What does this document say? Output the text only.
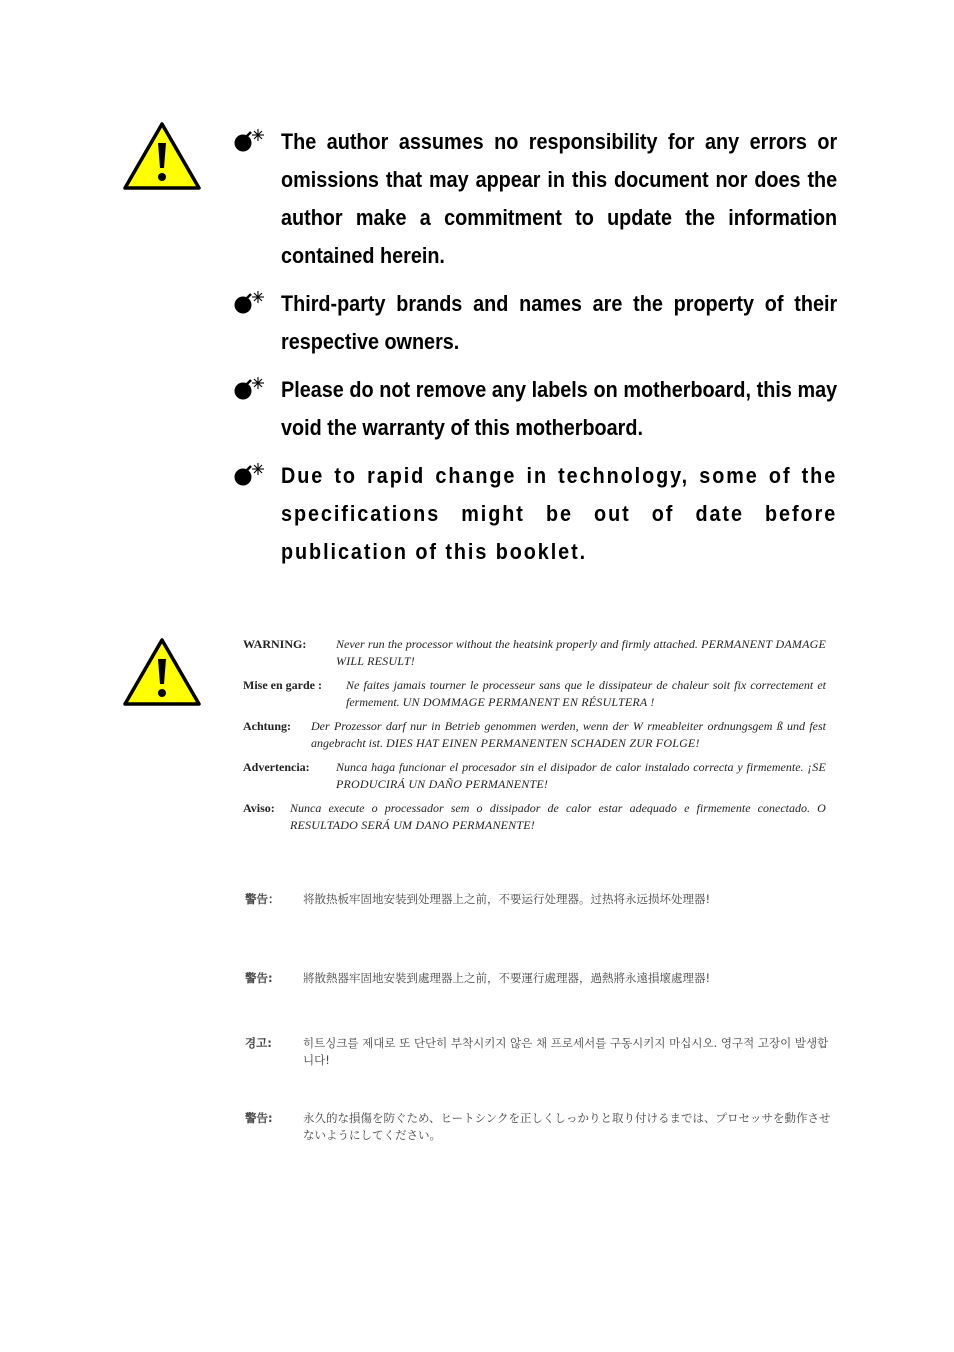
The author assumes no responsibility for any errors or omissions that may appear in this document nor does the author make a commitment to update the information contained herein.

Third-party brands and names are the property of their respective owners.

Please do not remove any labels on motherboard, this may void the warranty of this motherboard.

Due to rapid change in technology, some of the specifications might be out of date before publication of this booklet.

WARNING:	Never run the processor without the heatsink properly and firmly attached. PERMANENT DAMAGE WILL RESULT!
Mise en garde :	Ne faites jamais tourner le processeur sans que le dissipateur de chaleur soit fix correctement et fermement. UN DOMMAGE PERMANENT EN RÉSULTERA !
Achtung:	Der Prozessor darf nur in Betrieb genommen werden, wenn der W rmeableiter ordnungsgem ß und fest angebracht ist. DIES HAT EINEN PERMANENTEN SCHADEN ZUR FOLGE!
Advertencia:	Nunca haga funcionar el procesador sin el disipador de calor instalado correcta y firmemente. ¡SE PRODUCIRÁ UN DAÑO PERMANENTE!
Aviso:	Nunca execute o processador sem o dissipador de calor estar adequado e firmemente conectado. O RESULTADO SERÁ UM DANO PERMANENTE!
警告：	将散热板牢固地安装到处理器上之前，不要运行处理器。过热将永远损坏处理器!
警告:	將散熱器牢固地安裝到處理器上之前，不要運行處理器，過熱將永遠損壞處理器!
경고:	히트싱크를 제대로 또 단단히 부착시키지 않은 채 프로세서를 구동시키지 마십시오. 영구적 고장이 발생합니다!
警告:	永久的な損傷を防ぐため、ヒートシンクを正しくしっかりと取り付けるまでは、プロセッサを動作させないようにしてください。
